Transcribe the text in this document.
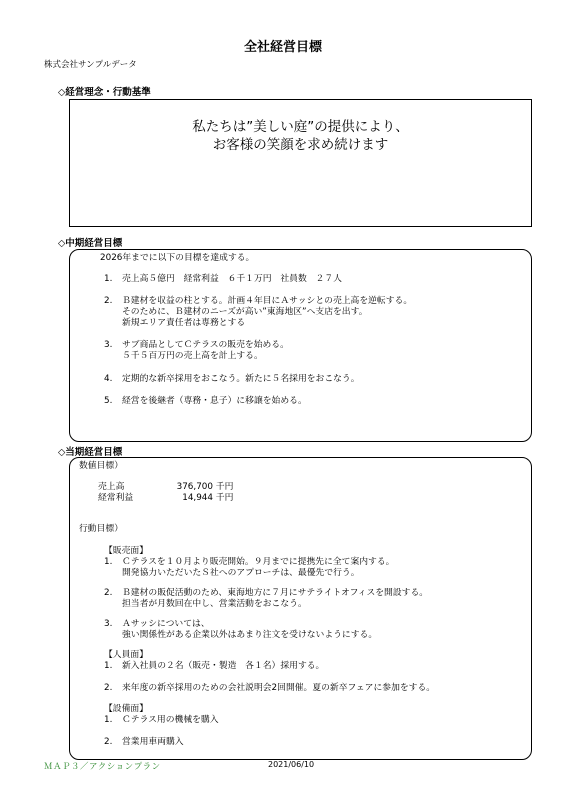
全社経営目標
株式会社サンプルデータ
◇経営理念・行動基準
私たちは”美しい庭”の提供により、
お客様の笑顔を求め続けます
◇中期経営目標
2026年までに以下の目標を達成する。
1. 売上高５億円　経常利益　６千１万円　社員数　２７人
2. Ｂ建材を収益の柱とする。計画４年目にＡサッシとの売上高を逆転する。
そのために、Ｂ建材のニーズが高い”東海地区”へ支店を出す。
新規エリア責任者は専務とする
3. サブ商品としてＣテラスの販売を始める。
５千５百万円の売上高を計上する。
4. 定期的な新卒採用をおこなう。新たに５名採用をおこなう。
5. 経営を後継者（専務・息子）に移譲を始める。
◇当期経営目標
数値目標）
売上高	376,700 千円
経常利益	14,944 千円
行動目標）
【販売面】
1. Ｃテラスを１０月より販売開始。９月までに提携先に全て案内する。
開発協力いただいたＳ社へのアプローチは、最優先で行う。
2. Ｂ建材の販促活動のため、東海地方に７月にサテライトオフィスを開設する。
担当者が月数回在中し、営業活動をおこなう。
3. Ａサッシについては、
強い関係性がある企業以外はあまり注文を受けないようにする。
【人員面】
1. 新入社員の２名（販売・製造　各１名）採用する。
2. 来年度の新卒採用のための会社説明会2回開催。夏の新卒フェアに参加をする。
【設備面】
1. Ｃテラス用の機械を購入
2. 営業用車両購入
ＭＡＰ３／アクションプラン	2021/06/10
